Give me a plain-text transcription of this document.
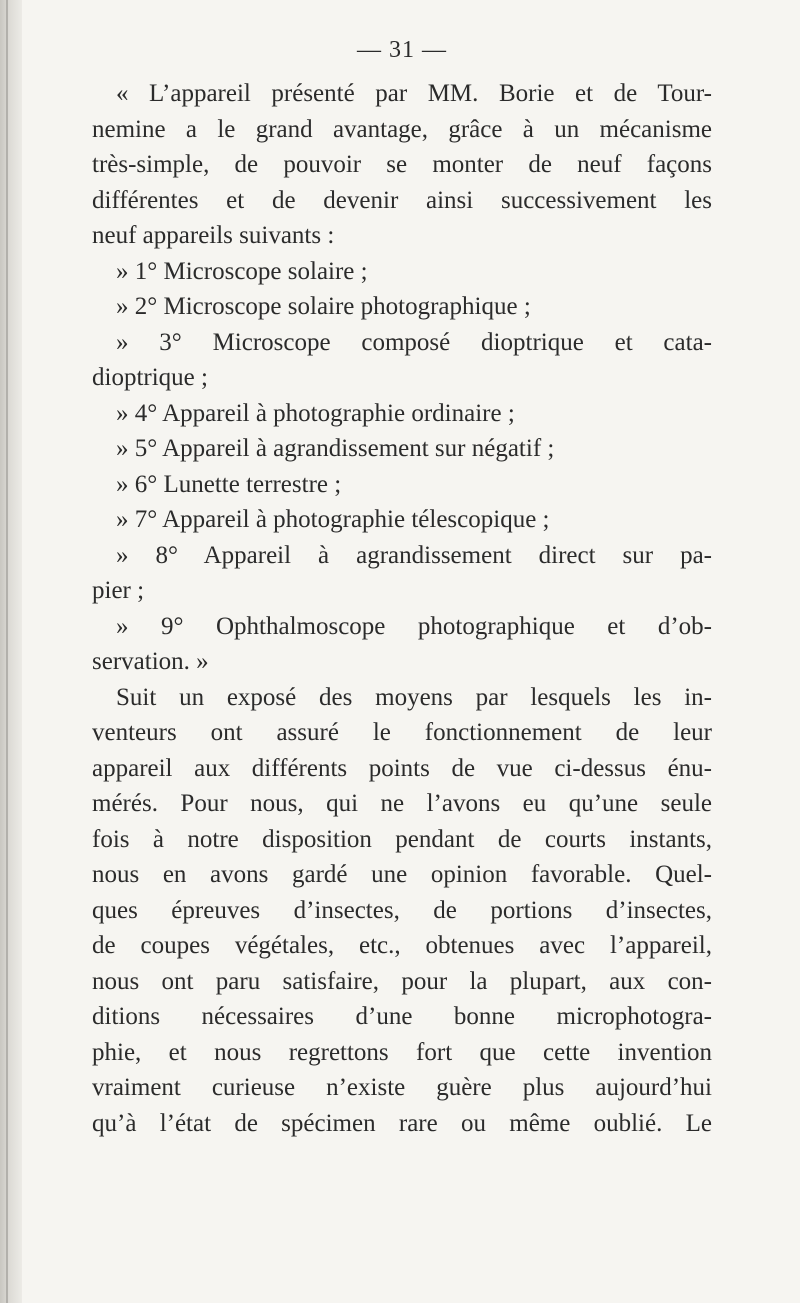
— 31 —
« L’appareil présenté par MM. Borie et de Tour-
nemine a le grand avantage, grâce à un mécanisme
très-simple, de pouvoir se monter de neuf façons
différentes et de devenir ainsi successivement les
neuf appareils suivants :
» 1° Microscope solaire ;
» 2° Microscope solaire photographique ;
» 3° Microscope composé dioptrique et cata-
dioptrique ;
» 4° Appareil à photographie ordinaire ;
» 5° Appareil à agrandissement sur négatif ;
» 6° Lunette terrestre ;
» 7° Appareil à photographie télescopique ;
» 8° Appareil à agrandissement direct sur pa-
pier ;
» 9° Ophthalmoscope photographique et d’ob-
servation. »
Suit un exposé des moyens par lesquels les in-
venteurs ont assuré le fonctionnement de leur
appareil aux différents points de vue ci-dessus énu-
mérés. Pour nous, qui ne l’avons eu qu’une seule
fois à notre disposition pendant de courts instants,
nous en avons gardé une opinion favorable. Quel-
ques épreuves d’insectes, de portions d’insectes,
de coupes végétales, etc., obtenues avec l’appareil,
nous ont paru satisfaire, pour la plupart, aux con-
ditions nécessaires d’une bonne microphotogra-
phie, et nous regrettons fort que cette invention
vraiment curieuse n’existe guère plus aujourd’hui
qu’à l’état de spécimen rare ou même oublié. Le
